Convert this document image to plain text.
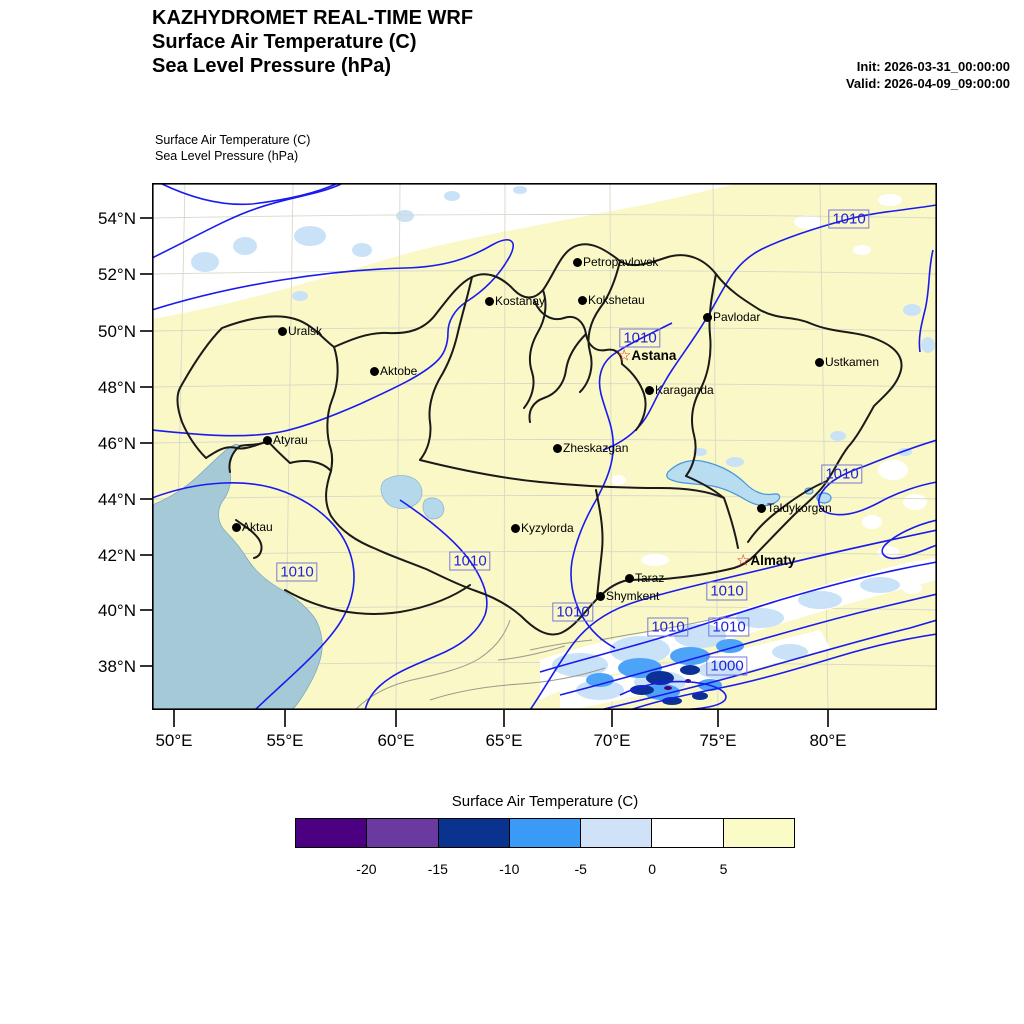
KAZHYDROMET REAL-TIME WRF
Surface Air Temperature (C)
Sea Level Pressure (hPa)	Init: 2026-03-31_00:00:00
Valid: 2026-04-09_09:00:00
Surface Air Temperature (C)
Sea Level Pressure (hPa)
54°N
52°N
50°N
48°N
46°N
44°N
42°N
40°N
38°N
50°E	55°E	60°E	65°E	70°E	75°E	80°E
Petropavlovsk
Kostanay	Kokshetau
Pavlodar
Uralsk
☆Astana
Aktobe
Ustkamen
Karaganda
Atyrau
Zheskazgan
Taldykorgan
Aktau	Kyzylorda
☆Almaty
Taraz
Shymkent
1010
1010
1010
1010
1010
1010
1010
1010 1010
1000
Surface Air Temperature (C)
-20	-15	-10	-5	0	5
